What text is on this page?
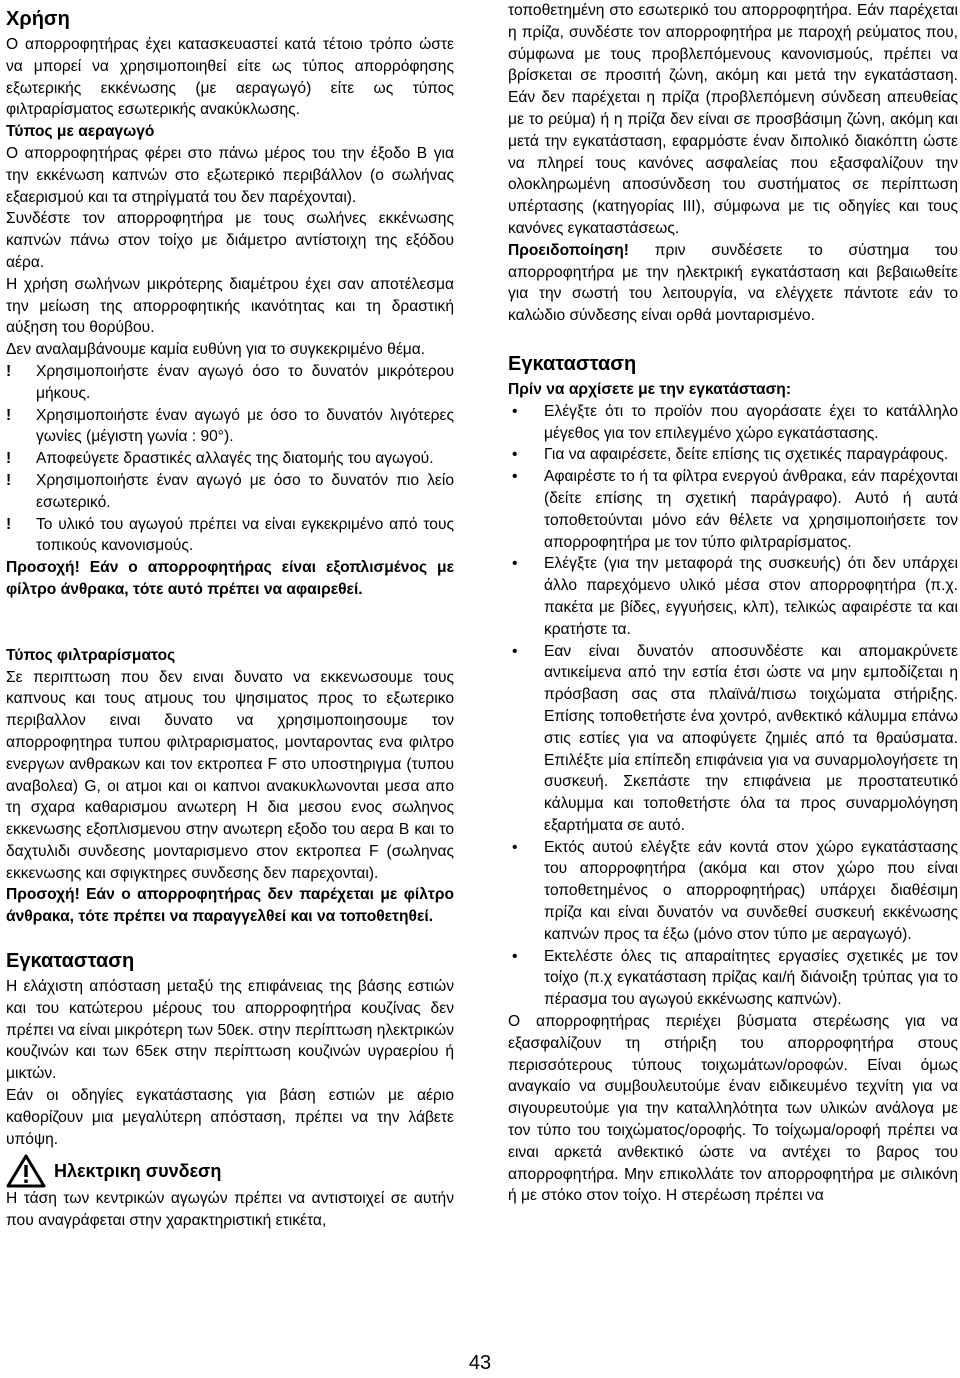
Χρήση

Ο απορροφητήρας έχει κατασκευαστεί κατά τέτοιο τρόπο ώστε να μπορεί να χρησιμοποιηθεί είτε ως τύπος απορρόφησης εξωτερικής εκκένωσης (με αεραγωγό) είτε ως τύπος φιλτραρίσματος εσωτερικής ανακύκλωσης.

Τύπος με αεραγωγό

Ο απορροφητήρας φέρει στο πάνω μέρος του την έξοδο B για την εκκένωση καπνών στο εξωτερικό περιβάλλον (ο σωλήνας εξαερισμού και τα στηρίγματά του δεν παρέχονται).

Συνδέστε τον απορροφητήρα με τους σωλήνες εκκένωσης καπνών πάνω στον τοίχο με διάμετρο αντίστοιχη της εξόδου αέρα.

Η χρήση σωλήνων μικρότερης διαμέτρου έχει σαν αποτέλεσμα την μείωση της απορροφητικής ικανότητας και τη δραστική αύξηση του θορύβου.

Δεν αναλαμβάνουμε καμία ευθύνη για το συγκεκριμένο θέμα.

!	Χρησιμοποιήστε έναν αγωγό όσο το δυνατόν μικρότερου μήκους.

!	Χρησιμοποιήστε έναν αγωγό με όσο το δυνατόν λιγότερες γωνίες (μέγιστη γωνία : 90°).

!	Αποφεύγετε δραστικές αλλαγές της διατομής του αγωγού.

!	Χρησιμοποιήστε έναν αγωγό με όσο το δυνατόν πιο λείο εσωτερικό.

!	Το υλικό του αγωγού πρέπει να είναι εγκεκριμένο από τους τοπικούς κανονισμούς.

Προσοχή! Εάν ο απορροφητήρας είναι εξοπλισμένος με φίλτρο άνθρακα, τότε αυτό πρέπει να αφαιρεθεί.

Τύπος φιλτραρίσματος

Σε περιπτωση που δεν ειναι δυνατο να εκκενωσουμε τους καπνους και τους ατμους του ψησιματος προς το εξωτερικο περιβαλλον ειναι δυνατο να χρησιμοποιησουμε τον απορροφητηρα τυπου φιλτραρισματος, μονταροντας ενα φιλτρο ενεργων ανθρακων και τον εκτροπεα F στο υποστηριγμα (τυπου αναβολεα) G, οι ατμοι και οι καπνοι ανακυκλωνονται μεσα απο τη σχαρα καθαρισμου ανωτερη H δια μεσου ενος σωληνος εκκενωσης εξοπλισμενου στην ανωτερη εξοδο του αερα B και το δαχτυλιδι συνδεσης μονταρισμενο στον εκτροπεα F (σωληνας εκκενωσης και σφιγκτηρες συνδεσης δεν παρεχονται).

Προσοχή! Εάν ο απορροφητήρας δεν παρέχεται με φίλτρο άνθρακα, τότε πρέπει να παραγγελθεί και να τοποθετηθεί.

Εγκατασταση

Η ελάχιστη απόσταση μεταξύ της επιφάνειας της βάσης εστιών και του κατώτερου μέρους του απορροφητήρα κουζίνας δεν πρέπει να είναι μικρότερη των 50εκ. στην περίπτωση ηλεκτρικών κουζινών και των 65εκ στην περίπτωση κουζινών υγραερίου ή μικτών.

Εάν οι οδηγίες εγκατάστασης για βάση εστιών με αέριο καθορίζουν μια μεγαλύτερη απόσταση, πρέπει να την λάβετε υπόψη.

Ηλεκτρικη συνδεση

Η τάση των κεντρικών αγωγών πρέπει να αντιστοιχεί σε αυτήν που αναγράφεται στην χαρακτηριστική ετικέτα,

τοποθετημένη στο εσωτερικό του απορροφητήρα. Εάν παρέχεται η πρίζα, συνδέστε τον απορροφητήρα με παροχή ρεύματος που, σύμφωνα με τους προβλεπόμενους κανονισμούς, πρέπει να βρίσκεται σε προσιτή ζώνη, ακόμη και μετά την εγκατάσταση. Εάν δεν παρέχεται η πρίζα (προβλεπόμενη σύνδεση απευθείας με το ρεύμα) ή η πρίζα δεν είναι σε προσβάσιμη ζώνη, ακόμη και μετά την εγκατάσταση, εφαρμόστε έναν διπολικό διακόπτη ώστε να πληρεί τους κανόνες ασφαλείας που εξασφαλίζουν την ολοκληρωμένη αποσύνδεση του συστήματος σε περίπτωση υπέρτασης (κατηγορίας III), σύμφωνα με τις οδηγίες και τους κανόνες εγκαταστάσεως.

Προειδοποίηση! πριν συνδέσετε το σύστημα του απορροφητήρα με την ηλεκτρική εγκατάσταση και βεβαιωθείτε για την σωστή του λειτουργία, να ελέγχετε πάντοτε εάν το καλώδιο σύνδεσης είναι ορθά μονταρισμένο.

Εγκατασταση
Πρίν να αρχίσετε με την εγκατάσταση:
•	Ελέγξτε ότι το προϊόν που αγοράσατε έχει το κατάλληλο μέγεθος για τον επιλεγμένο χώρο εγκατάστασης.
•	Για να αφαιρέσετε, δείτε επίσης τις σχετικές παραγράφους.
•	Αφαιρέστε το ή τα φίλτρα ενεργού άνθρακα, εάν παρέχονται (δείτε επίσης τη σχετική παράγραφο). Αυτό ή αυτά τοποθετούνται μόνο εάν θέλετε να χρησιμοποιήσετε τον απορροφητήρα με τον τύπο φιλτραρίσματος.
•	Ελέγξτε (για την μεταφορά της συσκευής) ότι δεν υπάρχει άλλο παρεχόμενο υλικό μέσα στον απορροφητήρα (π.χ. πακέτα με βίδες, εγγυήσεις, κλπ), τελικώς αφαιρέστε τα και κρατήστε τα.
•	Εαν είναι δυνατόν αποσυνδέστε και απομακρύνετε αντικείμενα από την εστία έτσι ώστε να μην εμποδίζεται η πρόσβαση σας στα πλαϊνά/πισω τοιχώματα στήριξης. Επίσης τοποθετήστε ένα χοντρό, ανθεκτικό κάλυμμα επάνω στις εστίες για να αποφύγετε ζημιές από τα θραύσματα. Επιλέξτε μία επίπεδη επιφάνεια για να συναρμολογήσετε τη συσκευή. Σκεπάστε την επιφάνεια με προστατευτικό κάλυμμα και τοποθετήστε όλα τα προς συναρμολόγηση εξαρτήματα σε αυτό.
•	Εκτός αυτού ελέγξτε εάν κοντά στον χώρο εγκατάστασης του απορροφητήρα (ακόμα και στον χώρο που είναι τοποθετημένος ο απορροφητήρας) υπάρχει διαθέσιμη πρίζα και είναι δυνατόν να συνδεθεί συσκευή εκκένωσης καπνών προς τα έξω (μόνο στον τύπο με αεραγωγό).
•	Εκτελέστε όλες τις απαραίτητες εργασίες σχετικές με τον τοίχο (π.χ εγκατάσταση πρίζας και/ή διάνοιξη τρύπας για το πέρασμα του αγωγού εκκένωσης καπνών).

Ο απορροφητήρας περιέχει βύσματα στερέωσης για να εξασφαλίζουν τη στήριξη του απορροφητήρα στους περισσότερους τύπους τοιχωμάτων/οροφών. Είναι όμως αναγκαίο να συμβουλευτούμε έναν ειδικευμένο τεχνίτη για να σιγουρευτούμε για την καταλληλότητα των υλικών ανάλογα με τον τύπο του τοιχώματος/οροφής. Το τοίχωμα/οροφή πρέπει να ειναι αρκετά ανθεκτικό ώστε να αντέχει το βαρος του απορροφητήρα. Μην επικολλάτε τον απορροφητήρα με σιλικόνη ή με στόκο στον τοίχο. Η στερέωση πρέπει να

43
